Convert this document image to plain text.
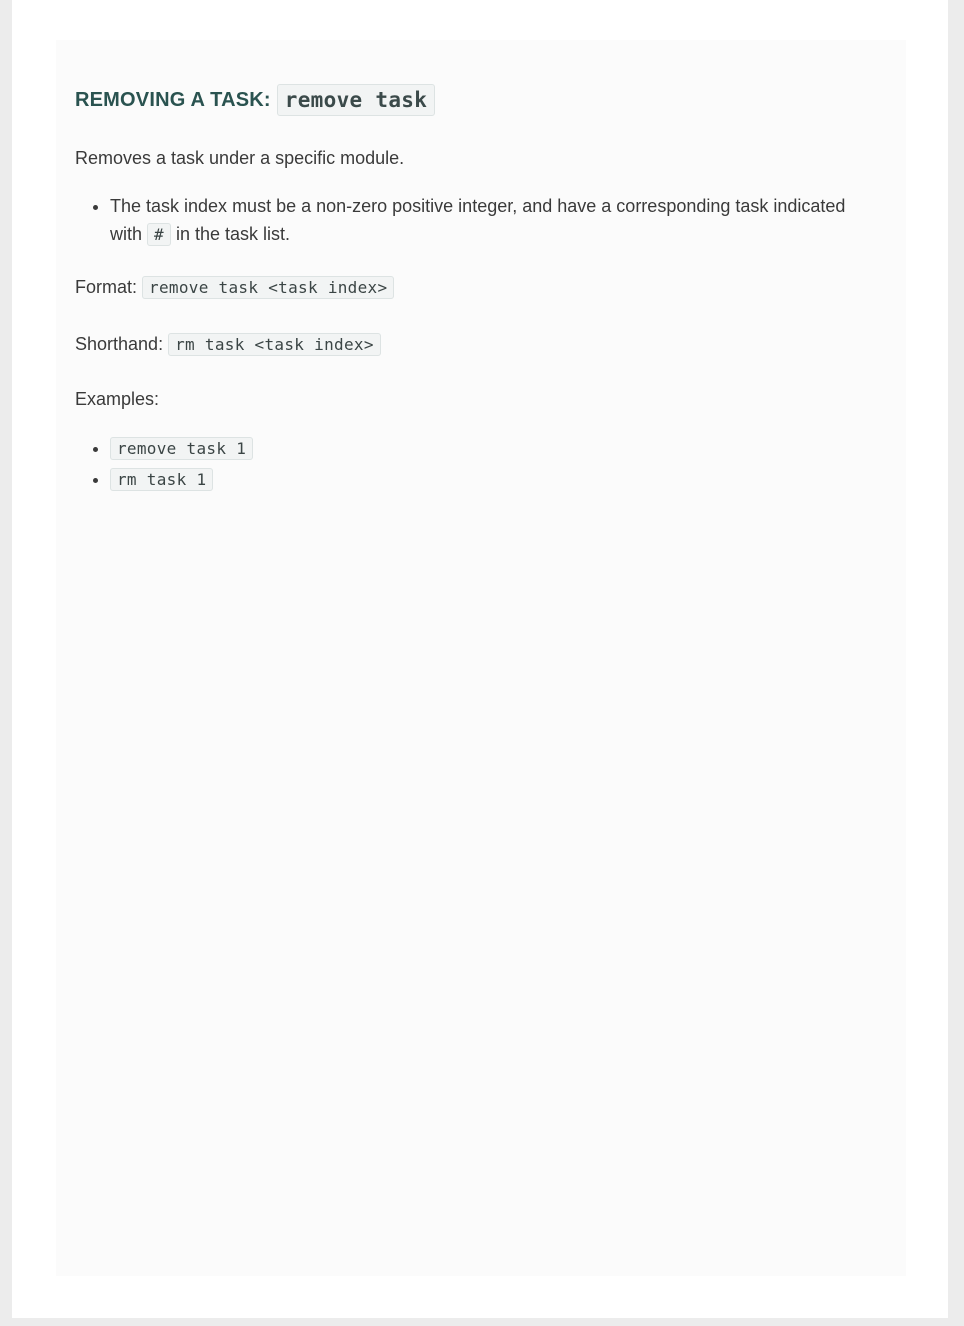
REMOVING A TASK: remove task

Removes a task under a specific module.

• The task index must be a non-zero positive integer, and have a corresponding task indicated with # in the task list.

Format: remove task <task index>

Shorthand: rm task <task index>

Examples:

• remove task 1
• rm task 1
